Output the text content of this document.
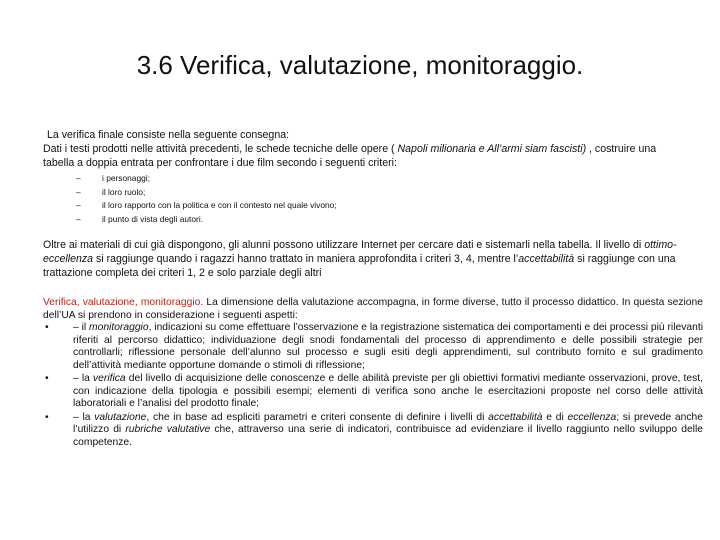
3.6 Verifica, valutazione, monitoraggio.

La verifica finale consiste nella seguente consegna:

Dati i testi prodotti nelle attività precedenti, le schede tecniche delle opere ( Napoli milionaria e All’armi siam fascisti) , costruire una tabella a doppia entrata per confrontare i due film secondo i seguenti criteri:

–	i personaggi;
–	il loro ruolo;
–	il loro rapporto con la politica e con il contesto nel quale vivono;
–	il punto di vista degli autori.

Oltre ai materiali di cui già dispongono, gli alunni possono utilizzare Internet per cercare dati e sistemarli nella tabella. Il livello di ottimo-eccellenza si raggiunge quando i ragazzi hanno trattato in maniera approfondita i criteri 3, 4, mentre l’accettabilità si raggiunge con una trattazione completa dei criteri 1, 2 e solo parziale degli altri

Verifica, valutazione, monitoraggio. La dimensione della valutazione accompagna, in forme diverse, tutto il processo didattico. In questa sezione dell’UA si prendono in considerazione i seguenti aspetti:

•	– il monitoraggio, indicazioni su come effettuare l’osservazione e la registrazione sistematica dei comportamenti e dei processi più rilevanti riferiti al percorso didattico; individuazione degli snodi fondamentali del processo di apprendimento e delle possibili strategie per controllarli; riflessione personale dell’alunno sul processo e sugli esiti degli apprendimenti, sul contributo fornito e sul gradimento dell’attività mediante opportune domande o stimoli di riflessione;
•	– la verifica del livello di acquisizione delle conoscenze e delle abilità previste per gli obiettivi formativi mediante osservazioni, prove, test, con indicazione della tipologia e possibili esempi; elementi di verifica sono anche le esercitazioni proposte nel corso delle attività laboratoriali e l’analisi del prodotto finale;
•	– la valutazione, che in base ad espliciti parametri e criteri consente di definire i livelli di accettabilità e di eccellenza; si prevede anche l’utilizzo di rubriche valutative che, attraverso una serie di indicatori, contribuisce ad evidenziare il livello raggiunto nello sviluppo delle competenze.
